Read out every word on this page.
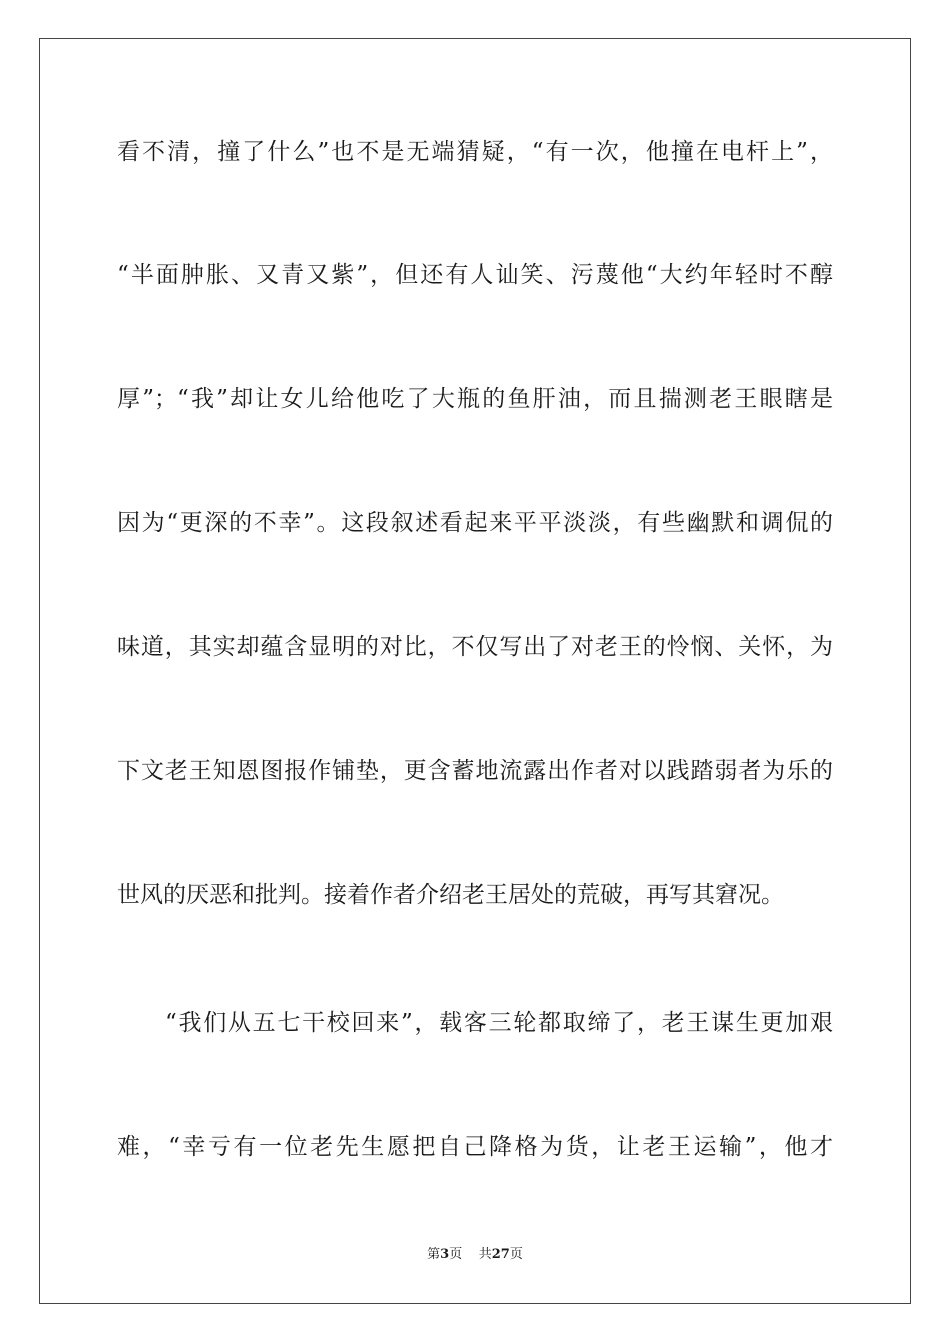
看不清，撞了什么”也不是无端猜疑，“有一次，他撞在电杆上”，
“半面肿胀、又青又紫”，但还有人讪笑、污蔑他“大约年轻时不醇
厚”；“我”却让女儿给他吃了大瓶的鱼肝油，而且揣测老王眼瞎是
因为“更深的不幸”。这段叙述看起来平平淡淡，有些幽默和调侃的
味道，其实却蕴含显明的对比，不仅写出了对老王的怜悯、关怀，为
下文老王知恩图报作铺垫，更含蓄地流露出作者对以践踏弱者为乐的
世风的厌恶和批判。接着作者介绍老王居处的荒破，再写其窘况。
“我们从五七干校回来”，载客三轮都取缔了，老王谋生更加艰
难，“幸亏有一位老先生愿把自己降格为货，让老王运输”，他才
第3页 共27页
